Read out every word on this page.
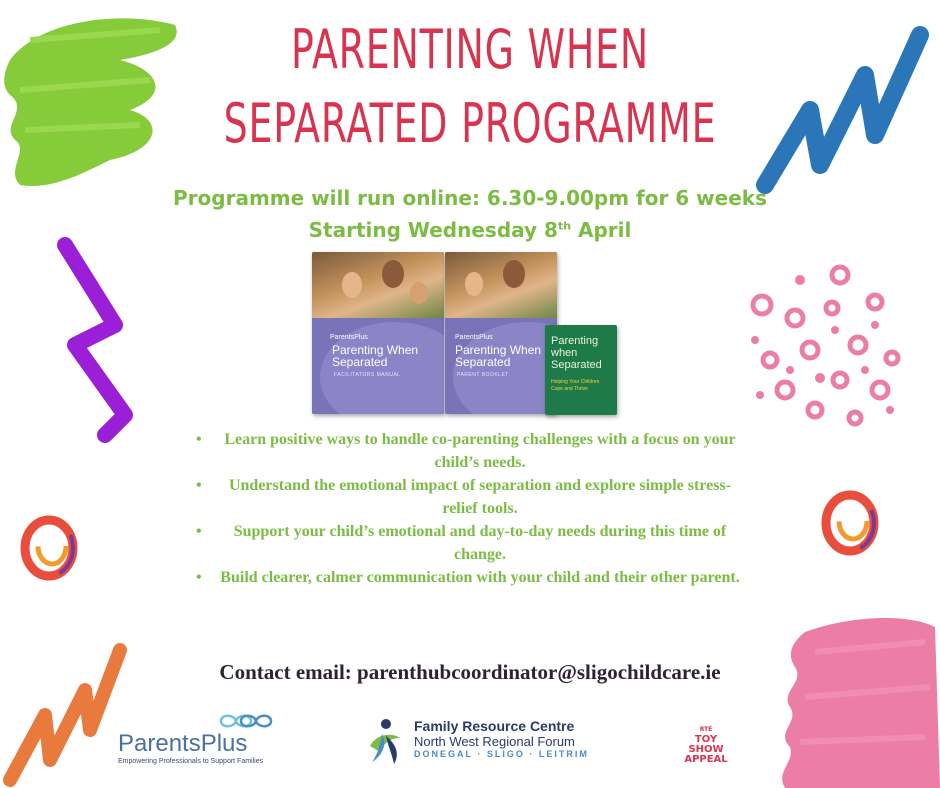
PARENTING WHEN
SEPARATED PROGRAMME
Programme will run online: 6.30-9.00pm for 6 weeks
Starting Wednesday 8th April
ParentsPlus
Parenting When
Separated
FACILITATORS MANUAL
ParentsPlus
Parenting When
Separated
PARENT BOOKLET
Parenting
when
Separated
Helping Your Children
Cope and Thrive
• Learn positive ways to handle co-parenting challenges with a focus on your child’s needs.
• Understand the emotional impact of separation and explore simple stress-relief tools.
• Support your child’s emotional and day-to-day needs during this time of change.
• Build clearer, calmer communication with your child and their other parent.
Contact email: parenthubcoordinator@sligochildcare.ie
ParentsPlus
Empowering Professionals to Support Families
Family Resource Centre
North West Regional Forum
DONEGAL · SLIGO · LEITRIM
RTÉ
TOY
SHOW
APPEAL
